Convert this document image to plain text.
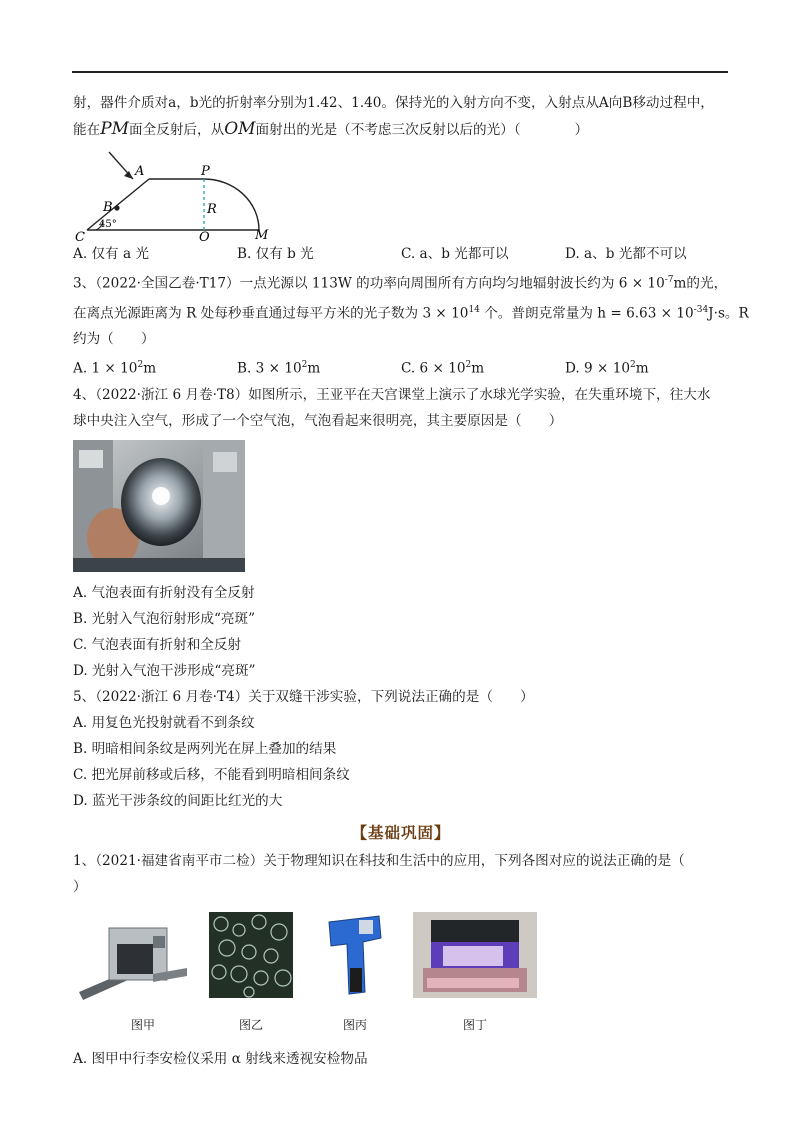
射，器件介质对a，b光的折射率分别为1.42、1.40。保持光的入射方向不变，入射点从A向B移动过程中，
能在PM面全反射后，从OM面射出的光是（不考虑三次反射以后的光）（	）
A	P
B	R
C
45°
O	M
A. 仅有 a 光	B. 仅有 b 光	C. a、b 光都可以	D. a、b 光都不可以
3、（2022·全国乙卷·T17）一点光源以 113W 的功率向周围所有方向均匀地辐射波长约为 $6 \times 10^{-7}m$的光，
在离点光源距离为 R 处每秒垂直通过每平方米的光子数为 $3 \times 10^{14}$ 个。普朗克常量为 $h = 6.63 \times 10^{-34}J\cdot s$。R
约为（　　）
A. $1 \times 10^2m$	B. $3 \times 10^2m$	C. $6 \times 10^2m$	D. $9 \times 10^2m$
4、（2022·浙江 6 月卷·T8）如图所示，王亚平在天宫课堂上演示了水球光学实验，在失重环境下，往大水
球中央注入空气，形成了一个空气泡，气泡看起来很明亮，其主要原因是（　　）
A. 气泡表面有折射没有全反射
B. 光射入气泡衍射形成“亮斑”
C. 气泡表面有折射和全反射
D. 光射入气泡干涉形成“亮斑”
5、（2022·浙江 6 月卷·T4）关于双缝干涉实验，下列说法正确的是（　　）
A. 用复色光投射就看不到条纹
B. 明暗相间条纹是两列光在屏上叠加的结果
C. 把光屏前移或后移，不能看到明暗相间条纹
D. 蓝光干涉条纹的间距比红光的大
【基础巩固】
1、（2021·福建省南平市二检）关于物理知识在科技和生活中的应用，下列各图对应的说法正确的是（
）
图甲	图乙	图丙	图丁
A. 图甲中行李安检仪采用 α 射线来透视安检物品
